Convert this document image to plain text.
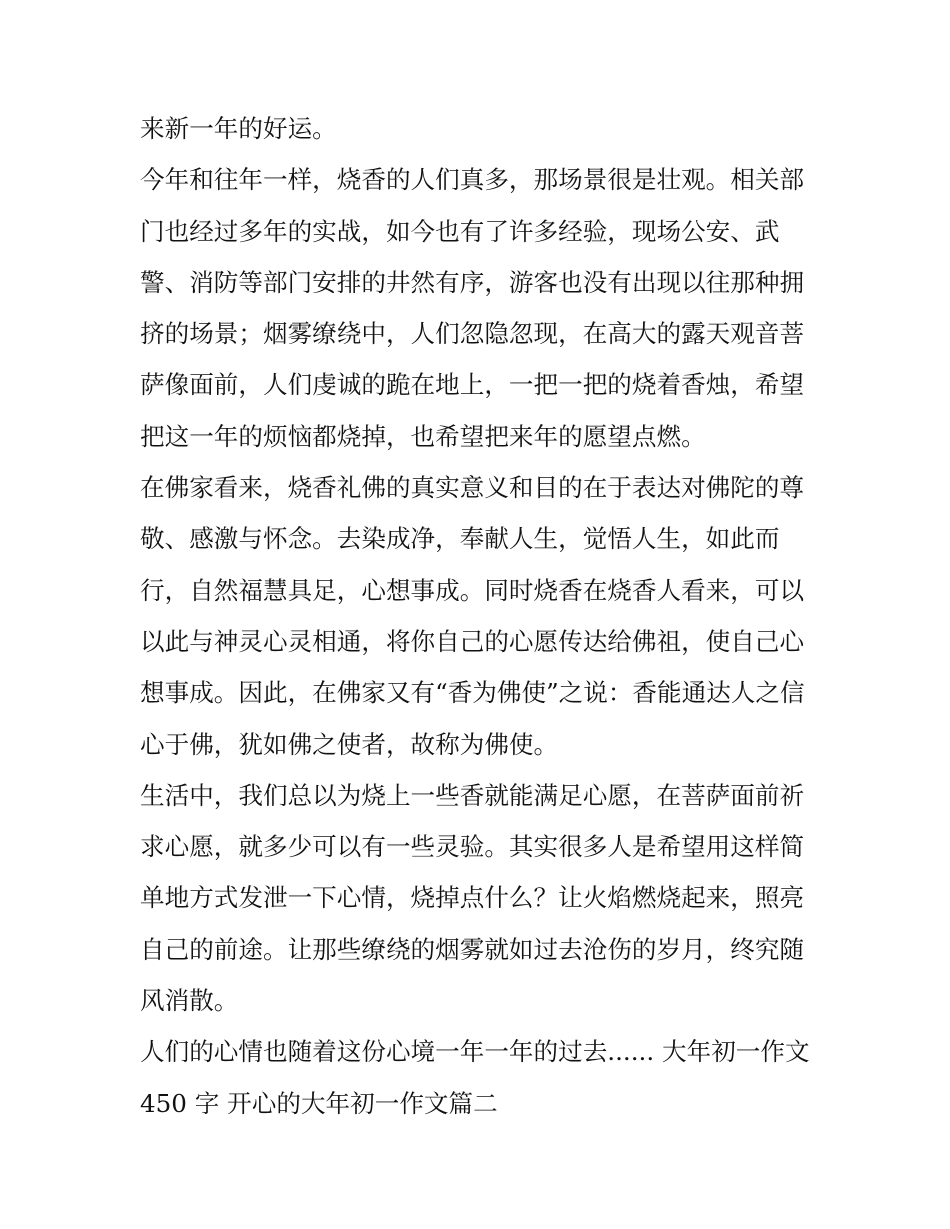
来新一年的好运。
今年和往年一样，烧香的人们真多，那场景很是壮观。相关部
门也经过多年的实战，如今也有了许多经验，现场公安、武
警、消防等部门安排的井然有序，游客也没有出现以往那种拥
挤的场景；烟雾缭绕中，人们忽隐忽现，在高大的露天观音菩
萨像面前，人们虔诚的跪在地上，一把一把的烧着香烛，希望
把这一年的烦恼都烧掉，也希望把来年的愿望点燃。
在佛家看来，烧香礼佛的真实意义和目的在于表达对佛陀的尊
敬、感激与怀念。去染成净，奉献人生，觉悟人生，如此而
行，自然福慧具足，心想事成。同时烧香在烧香人看来，可以
以此与神灵心灵相通，将你自己的心愿传达给佛祖，使自己心
想事成。因此，在佛家又有“香为佛使”之说：香能通达人之信
心于佛，犹如佛之使者，故称为佛使。
生活中，我们总以为烧上一些香就能满足心愿，在菩萨面前祈
求心愿，就多少可以有一些灵验。其实很多人是希望用这样简
单地方式发泄一下心情，烧掉点什么？让火焰燃烧起来，照亮
自己的前途。让那些缭绕的烟雾就如过去沧伤的岁月，终究随
风消散。
人们的心情也随着这份心境一年一年的过去...... 大年初一作文
450 字 开心的大年初一作文篇二
